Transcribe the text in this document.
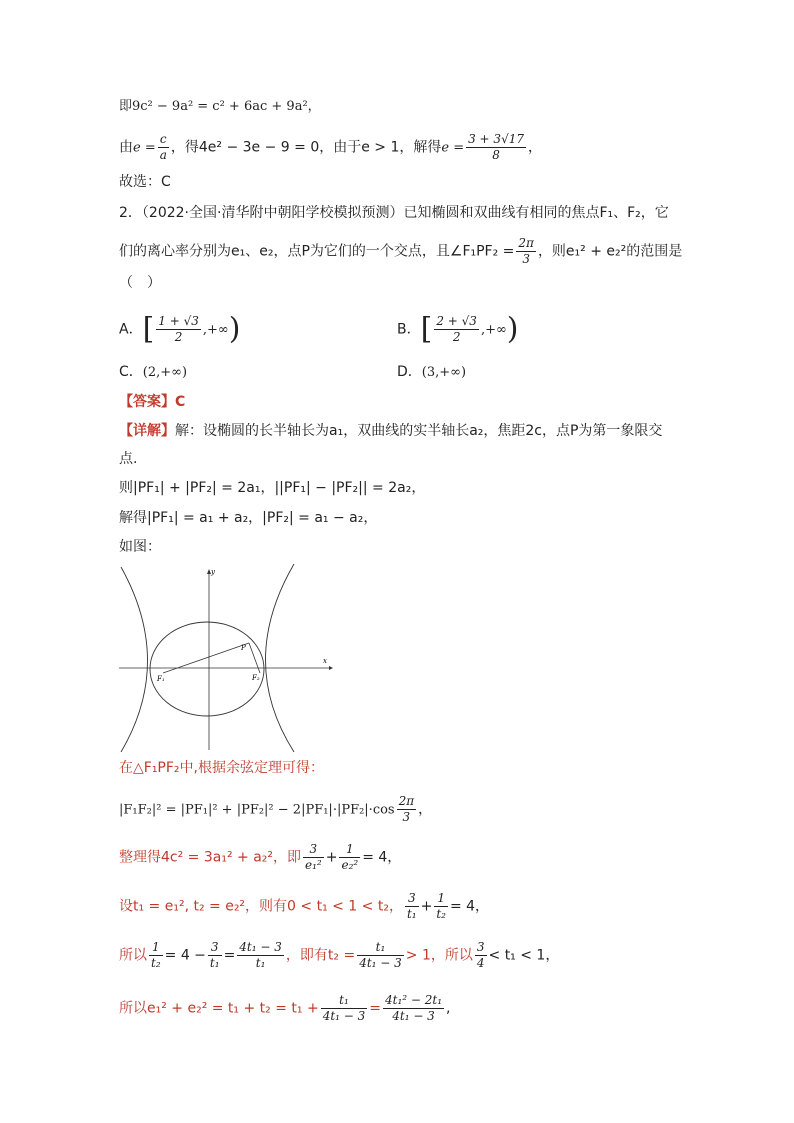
即9c² − 9a² = c² + 6ac + 9a²，
由$e = \frac{c}{a}$ ，得4e² − 3e − 9 = 0，由于e > 1，解得$e = \frac{3 + 3√17}{8}$ ，
故选：C
2．（2022·全国·清华附中朝阳学校模拟预测）已知椭圆和双曲线有相同的焦点F₁、F₂，它
们的离心率分别为e₁、e₂，点P为它们的一个交点，且∠F₁PF₂ = $\frac{2\pi}{3}$ ，则e₁² + e₂²的范围是
（　）
A．[ $\frac{1 + √3}{2}$ ,+∞)	B．[ $\frac{2 + √3}{2}$ ,+∞)
C．(2,+∞)	D．(3,+∞)
【答案】C
【详解】解：设椭圆的长半轴长为a₁，双曲线的实半轴长a₂，焦距2c，点P为第一象限交
点.
则|PF₁| + |PF₂| = 2a₁，||PF₁| − |PF₂|| = 2a₂，
解得|PF₁| = a₁ + a₂，|PF₂| = a₁ − a₂，
如图：
y
x
P
F₁	F₂
在△F₁PF₂中,根据余弦定理可得：
$|F_1F_2|^2 = |PF_1|^2 + |PF_2|^2 - 2|PF_1|\cdot|PF_2|\cdot\cos \frac{2\pi}{3}$ ，
整理得4c² = 3a₁² + a₂²，即 $\frac{3}{\text{e₁²}} + \frac{1}{\text{e₂²}} = 4$，
设t₁ = e₁², t₂ = e₂²，则有0 < t₁ < 1 < t₂， $\frac{3}{\text{t₁}} + \frac{1}{\text{t₂}} = 4$，
所以 $\frac{1}{\text{t₂}} = 4 - \frac{3}{\text{t₁}} = \frac{\text{4t₁ − 3}}{\text{t₁}}$ ，即有$t_2 = \frac{\text{t₁}}{\text{4t₁ − 3}} > 1$，所以 $\frac{3}{4} < t_1 < 1$，
所以$e_1^2 + e_2^2 = t_1 + t_2 = t_1 + \frac{\text{t₁}}{\text{4t₁ − 3}} = \frac{\text{4t₁² − 2t₁}}{\text{4t₁ − 3}}$ ,
